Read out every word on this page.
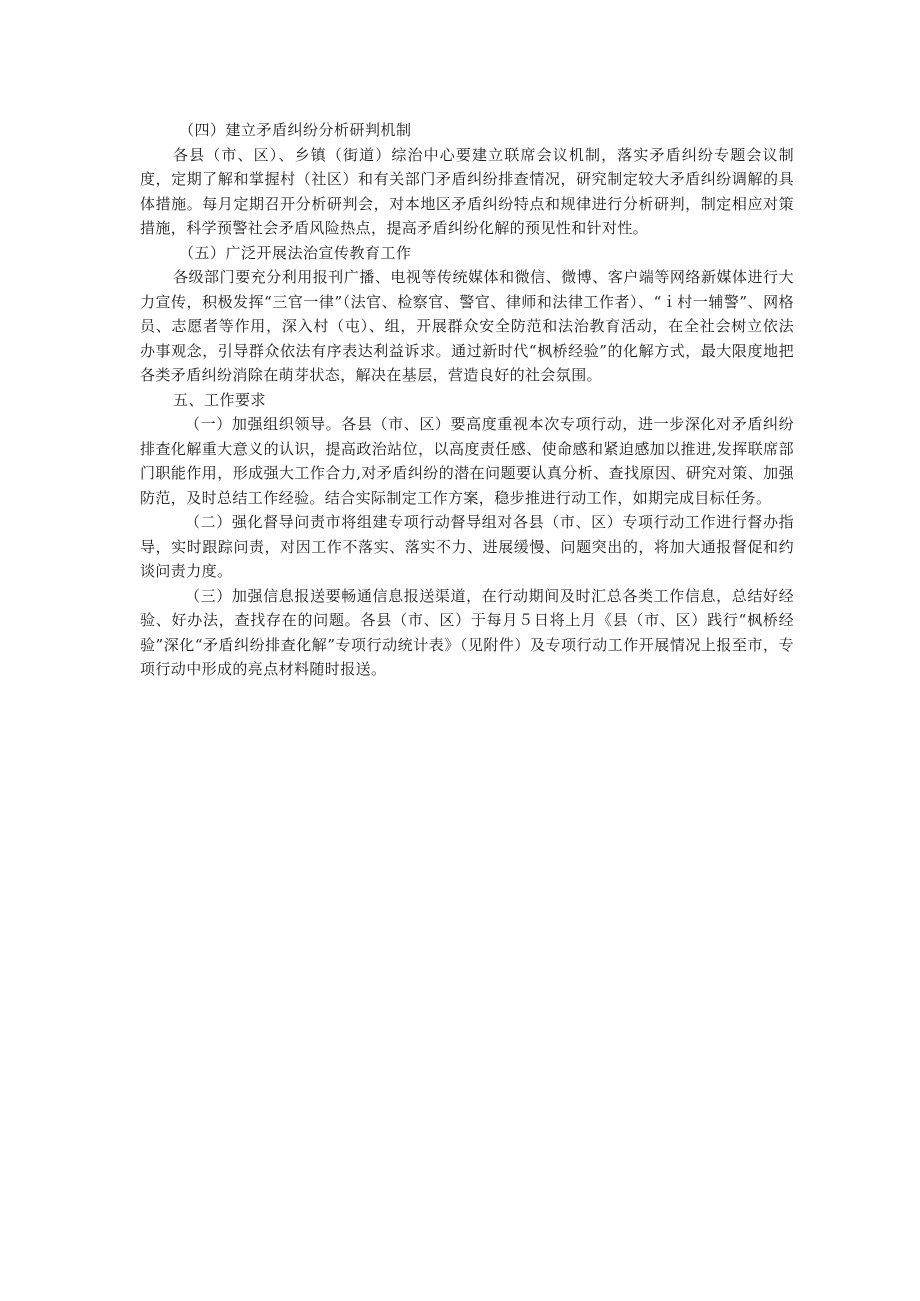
（四）建立矛盾纠纷分析研判机制

各县（市、区）、乡镇（街道）综治中心要建立联席会议机制，落实矛盾纠纷专题会议制度，定期了解和掌握村（社区）和有关部门矛盾纠纷排查情况，研究制定较大矛盾纠纷调解的具体措施。每月定期召开分析研判会，对本地区矛盾纠纷特点和规律进行分析研判，制定相应对策措施，科学预警社会矛盾风险热点，提高矛盾纠纷化解的预见性和针对性。

（五）广泛开展法治宣传教育工作

各级部门要充分利用报刊广播、电视等传统媒体和微信、微博、客户端等网络新媒体进行大力宣传，积极发挥“三官一律”（法官、检察官、警官、律师和法律工作者）、“ｉ村一辅警”、网格员、志愿者等作用，深入村（屯）、组，开展群众安全防范和法治教育活动，在全社会树立依法办事观念，引导群众依法有序表达利益诉求。通过新时代“枫桥经验”的化解方式，最大限度地把各类矛盾纠纷消除在萌芽状态，解决在基层，营造良好的社会氛围。

五、工作要求

（一）加强组织领导。各县（市、区）要高度重视本次专项行动，进一步深化对矛盾纠纷排查化解重大意义的认识，提高政治站位，以高度责任感、使命感和紧迫感加以推进,发挥联席部门职能作用，形成强大工作合力,对矛盾纠纷的潜在问题要认真分析、查找原因、研究对策、加强防范，及时总结工作经验。结合实际制定工作方案，稳步推进行动工作，如期完成目标任务。

（二）强化督导问责市将组建专项行动督导组对各县（市、区）专项行动工作进行督办指导，实时跟踪问责，对因工作不落实、落实不力、进展缓慢、问题突出的，将加大通报督促和约谈问责力度。

（三）加强信息报送要畅通信息报送渠道，在行动期间及时汇总各类工作信息，总结好经验、好办法，查找存在的问题。各县（市、区）于每月５日将上月《县（市、区）践行“枫桥经验”深化“矛盾纠纷排查化解”专项行动统计表》（见附件）及专项行动工作开展情况上报至市，专项行动中形成的亮点材料随时报送。
